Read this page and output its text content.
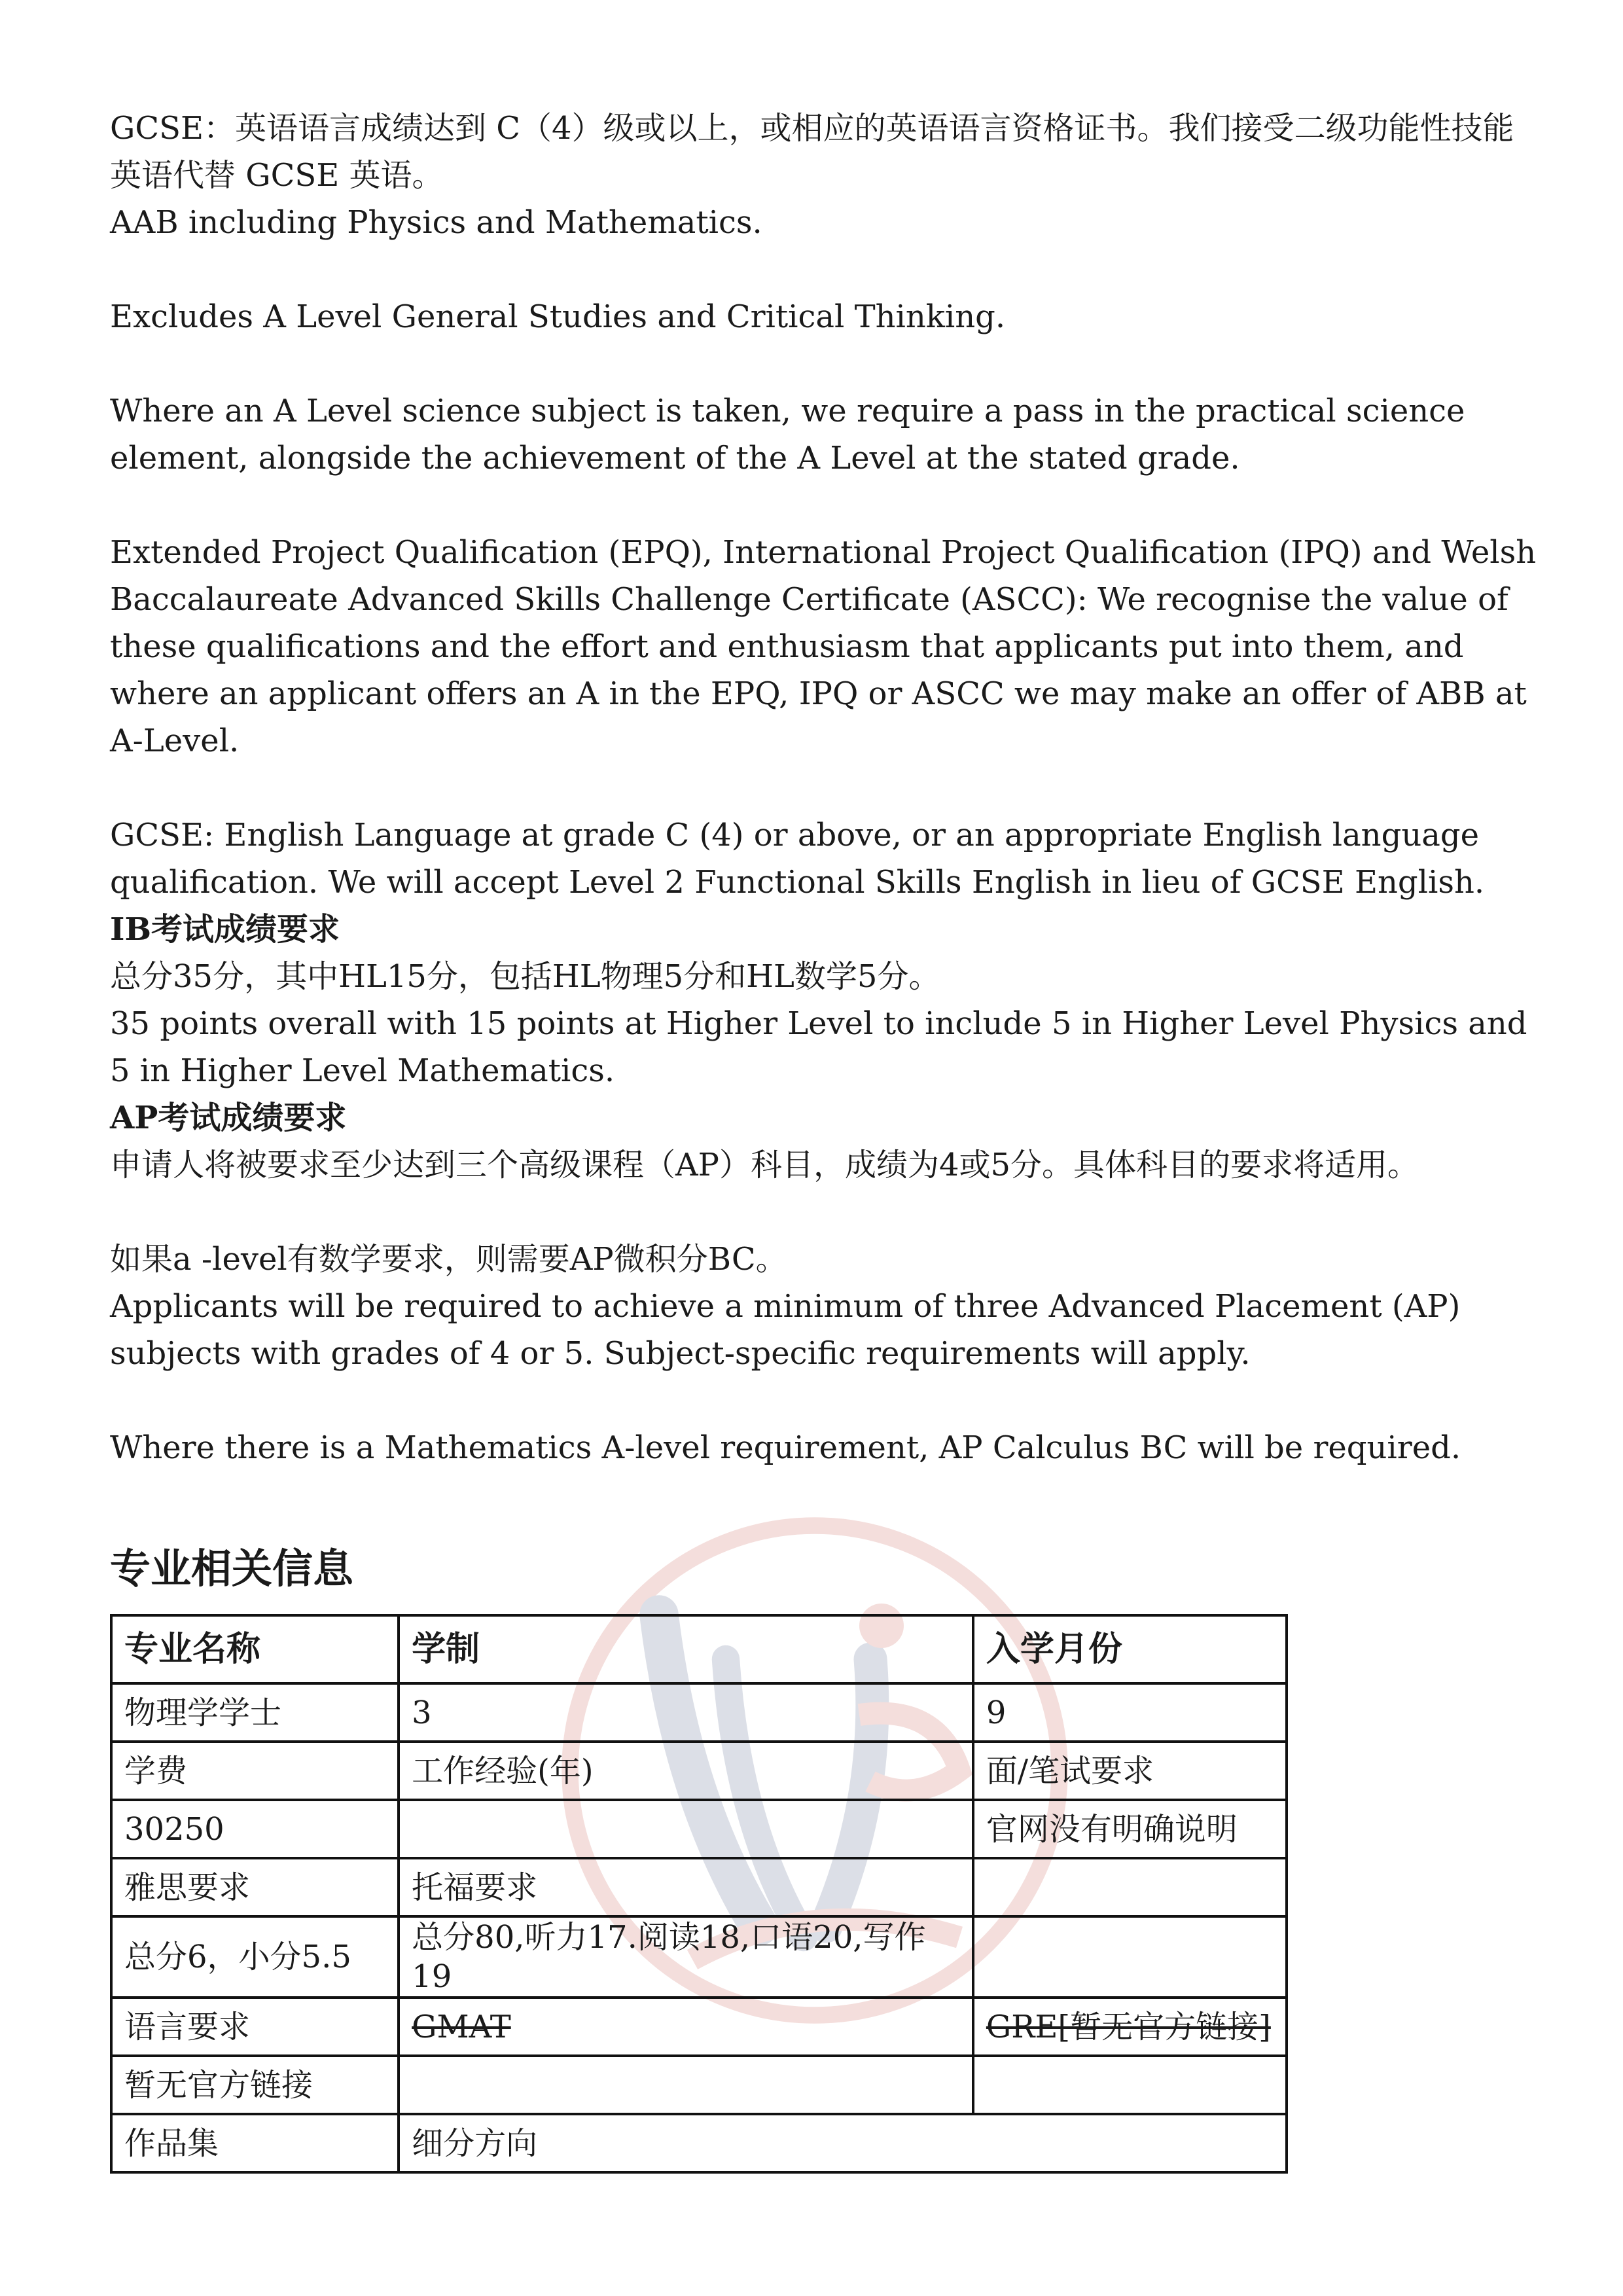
GCSE：英语语言成绩达到 C（4）级或以上，或相应的英语语言资格证书。我们接受二级功能性技能英语代替 GCSE 英语。

AAB including Physics and Mathematics.

Excludes A Level General Studies and Critical Thinking.

Where an A Level science subject is taken, we require a pass in the practical science element, alongside the achievement of the A Level at the stated grade.

Extended Project Qualification (EPQ), International Project Qualification (IPQ) and Welsh Baccalaureate Advanced Skills Challenge Certificate (ASCC): We recognise the value of these qualifications and the effort and enthusiasm that applicants put into them, and where an applicant offers an A in the EPQ, IPQ or ASCC we may make an offer of ABB at A-Level.

GCSE: English Language at grade C (4) or above, or an appropriate English language qualification. We will accept Level 2 Functional Skills English in lieu of GCSE English.

IB考试成绩要求

总分35分，其中HL15分，包括HL物理5分和HL数学5分。

35 points overall with 15 points at Higher Level to include 5 in Higher Level Physics and 5 in Higher Level Mathematics.

AP考试成绩要求

申请人将被要求至少达到三个高级课程（AP）科目，成绩为4或5分。具体科目的要求将适用。

如果a -level有数学要求，则需要AP微积分BC。

Applicants will be required to achieve a minimum of three Advanced Placement (AP) subjects with grades of 4 or 5. Subject-specific requirements will apply.

Where there is a Mathematics A-level requirement, AP Calculus BC will be required.

专业相关信息
专业名称	学制	入学月份
物理学学士	3	9
学费	工作经验(年)	面/笔试要求
30250		官网没有明确说明
雅思要求	托福要求	
总分6，小分5.5	总分80,听力17.阅读18,口语20,写作19	
语言要求	GMAT	GRE[暂无官方链接]
暂无官方链接		
作品集	细分方向	
